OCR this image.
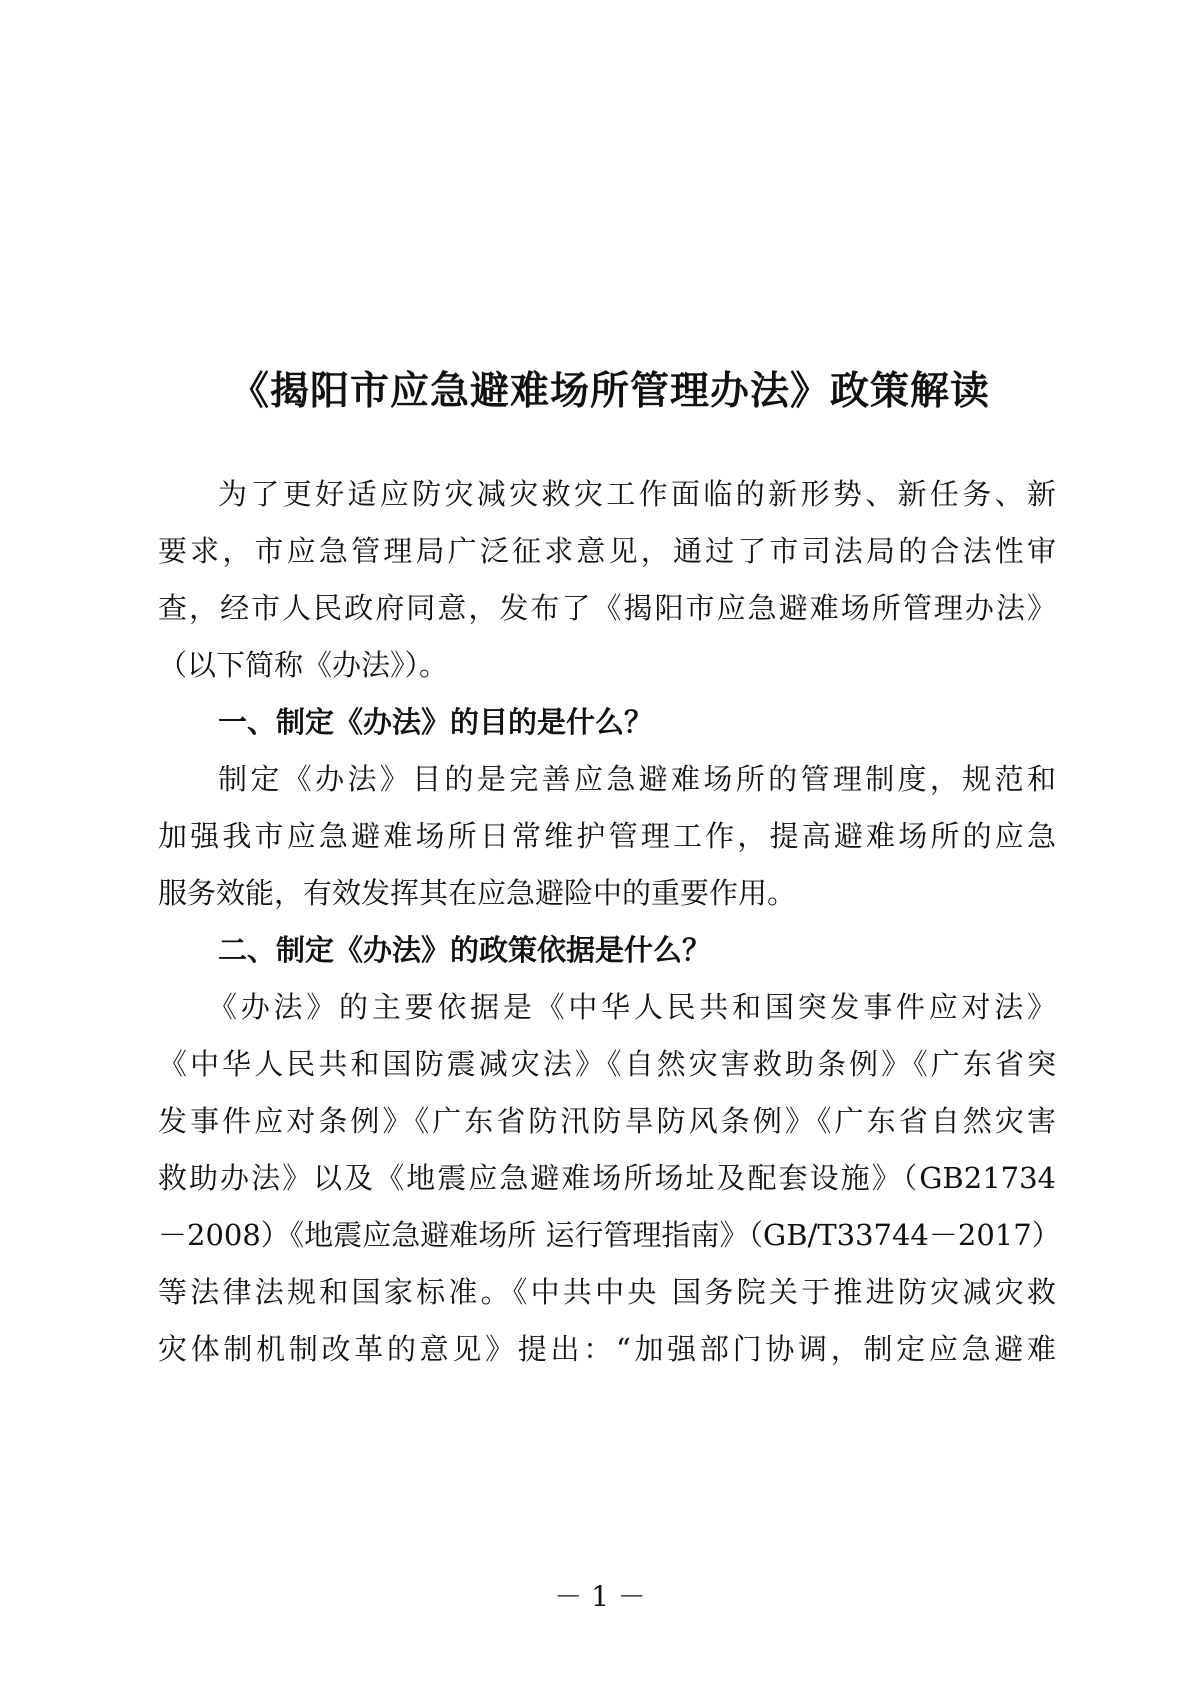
《揭阳市应急避难场所管理办法》政策解读
为了更好适应防灾减灾救灾工作面临的新形势、新任务、新
要求，市应急管理局广泛征求意见，通过了市司法局的合法性审
查，经市人民政府同意，发布了《揭阳市应急避难场所管理办法》
（以下简称《办法》）。
一、制定《办法》的目的是什么？
制定《办法》目的是完善应急避难场所的管理制度，规范和
加强我市应急避难场所日常维护管理工作，提高避难场所的应急
服务效能，有效发挥其在应急避险中的重要作用。
二、制定《办法》的政策依据是什么？
《办法》的主要依据是《中华人民共和国突发事件应对法》
《中华人民共和国防震减灾法》《自然灾害救助条例》《广东省突
发事件应对条例》《广东省防汛防旱防风条例》《广东省自然灾害
救助办法》以及《地震应急避难场所场址及配套设施》（GB21734
－2008）《地震应急避难场所 运行管理指南》（GB/T33744－2017）
等法律法规和国家标准。《中共中央 国务院关于推进防灾减灾救
灾体制机制改革的意见》提出：“加强部门协调，制定应急避难
－ 1 －
